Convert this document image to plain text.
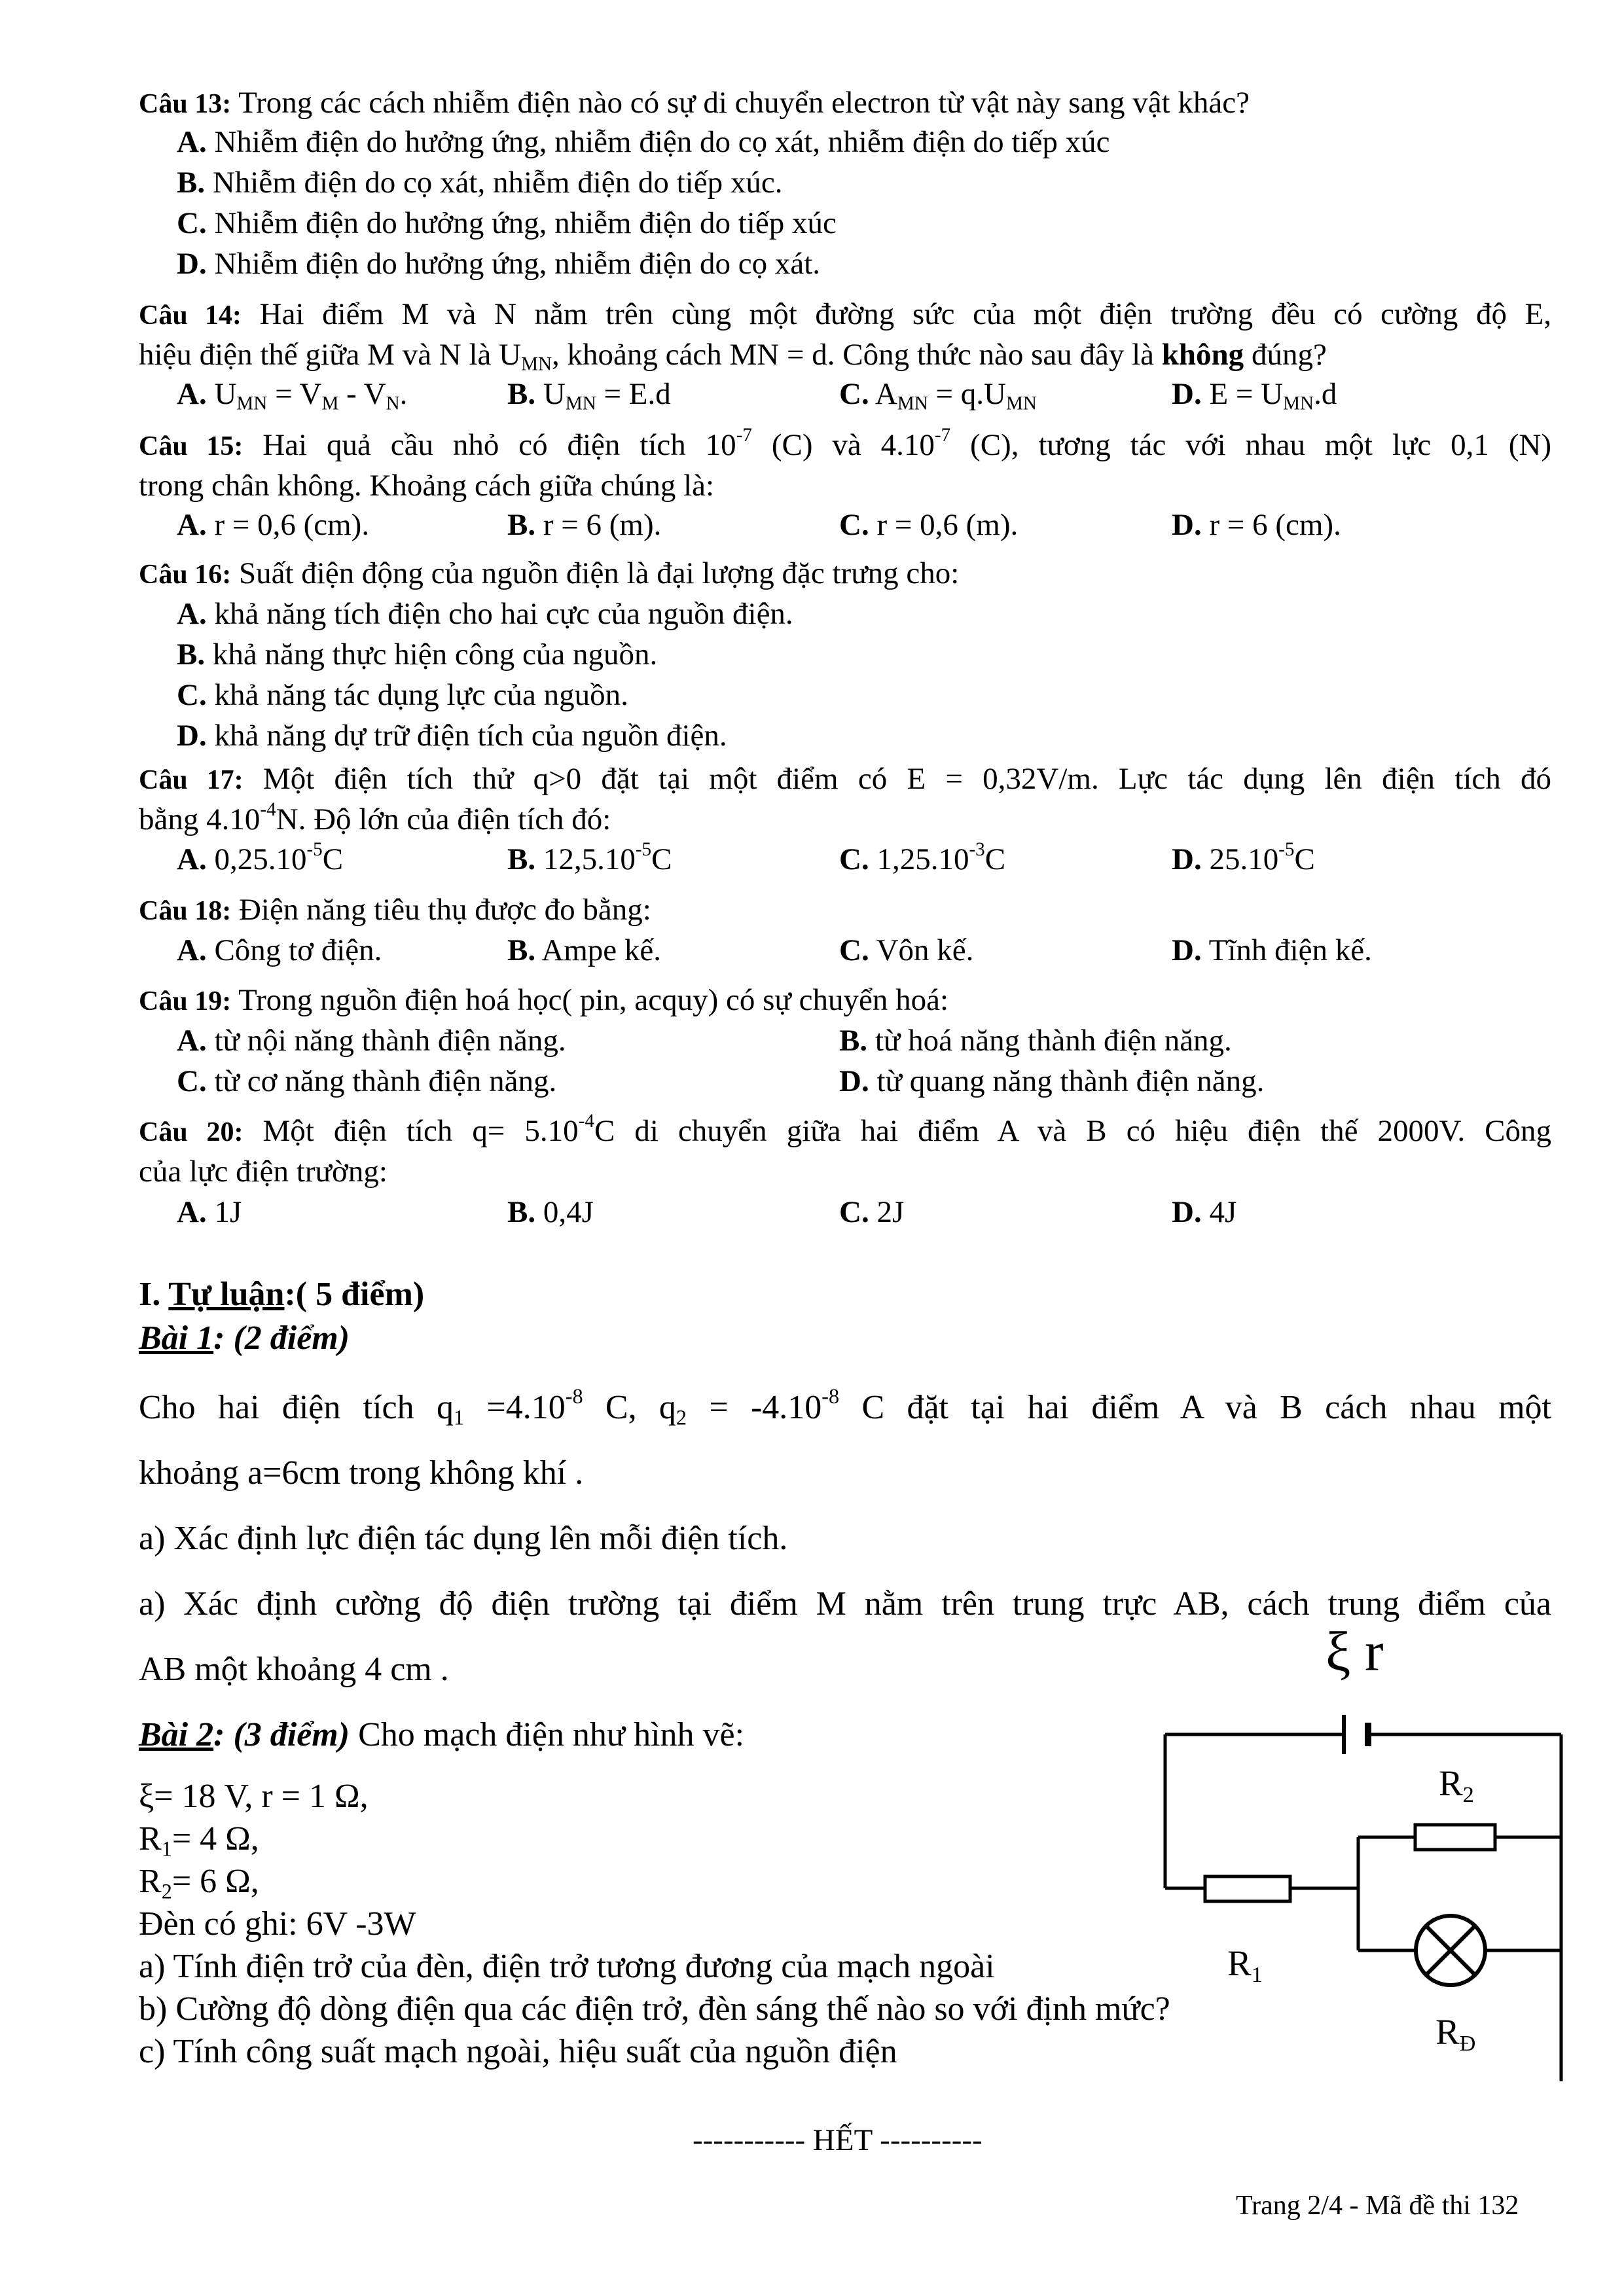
Câu 13: Trong các cách nhiễm điện nào có sự di chuyển electron từ vật này sang vật khác?
A. Nhiễm điện do hưởng ứng, nhiễm điện do cọ xát, nhiễm điện do tiếp xúc
B. Nhiễm điện do cọ xát, nhiễm điện do tiếp xúc.
C. Nhiễm điện do hưởng ứng, nhiễm điện do tiếp xúc
D. Nhiễm điện do hưởng ứng, nhiễm điện do cọ xát.
Câu 14: Hai điểm M và N nằm trên cùng một đường sức của một điện trường đều có cường độ E,
hiệu điện thế giữa M và N là $U_{MN}$, khoảng cách MN = d. Công thức nào sau đây là không đúng?
A. $U_{MN} = V_M - V_N$.	B. $U_{MN} = E.d$	C. $A_{MN} = q.U_{MN}$	D. $E = U_{MN}.d$
Câu 15: Hai quả cầu nhỏ có điện tích $10^{-7}$ (C) và $4.10^{-7}$ (C), tương tác với nhau một lực 0,1 (N)
trong chân không. Khoảng cách giữa chúng là:
A. r = 0,6 (cm).	B. r = 6 (m).	C. r = 0,6 (m).	D. r = 6 (cm).
Câu 16: Suất điện động của nguồn điện là đại lượng đặc trưng cho:
A. khả năng tích điện cho hai cực của nguồn điện.
B. khả năng thực hiện công của nguồn.
C. khả năng tác dụng lực của nguồn.
D. khả năng dự trữ điện tích của nguồn điện.
Câu 17: Một điện tích thử q>0 đặt tại một điểm có E = 0,32V/m. Lực tác dụng lên điện tích đó
bằng $4.10^{-4}N$. Độ lớn của điện tích đó:
A. $0,25.10^{-5}C$	B. $12,5.10^{-5}C$	C. $1,25.10^{-3}C$	D. $25.10^{-5}C$
Câu 18: Điện năng tiêu thụ được đo bằng:
A. Công tơ điện.	B. Ampe kế.	C. Vôn kế.	D. Tĩnh điện kế.
Câu 19: Trong nguồn điện hoá học( pin, acquy) có sự chuyển hoá:
A. từ nội năng thành điện năng.	B. từ hoá năng thành điện năng.
C. từ cơ năng thành điện năng.	D. từ quang năng thành điện năng.
Câu 20: Một điện tích $q= 5.10^{-4}C$ di chuyển giữa hai điểm A và B có hiệu điện thế 2000V. Công
của lực điện trường:
A. 1J	B. 0,4J	C. 2J	D. 4J
I. Tự luận:( 5 điểm)
Bài 1: (2 điểm)
Cho hai điện tích $q_1 =4.10^{-8}$ C, $q_2 = -4.10^{-8}$ C đặt tại hai điểm A và B cách nhau một
khoảng a=6cm trong không khí .
a) Xác định lực điện tác dụng lên mỗi điện tích.
a) Xác định cường độ điện trường tại điểm M nằm trên trung trực AB, cách trung điểm của
AB một khoảng 4 cm .
Bài 2: (3 điểm) Cho mạch điện như hình vẽ:
ξ= 18 V, r = 1 Ω,
$R_1= 4$ Ω,
$R_2= 6$ Ω,
Đèn có ghi: 6V -3W
a) Tính điện trở của đèn, điện trở tương đương của mạch ngoài
b) Cường độ dòng điện qua các điện trở, đèn sáng thế nào so với định mức?
c) Tính công suất mạch ngoài, hiệu suất của nguồn điện
ξ r
$R_2$
$R_1$
$R_Đ$
----------- HẾT ----------
Trang 2/4 - Mã đề thi 132
